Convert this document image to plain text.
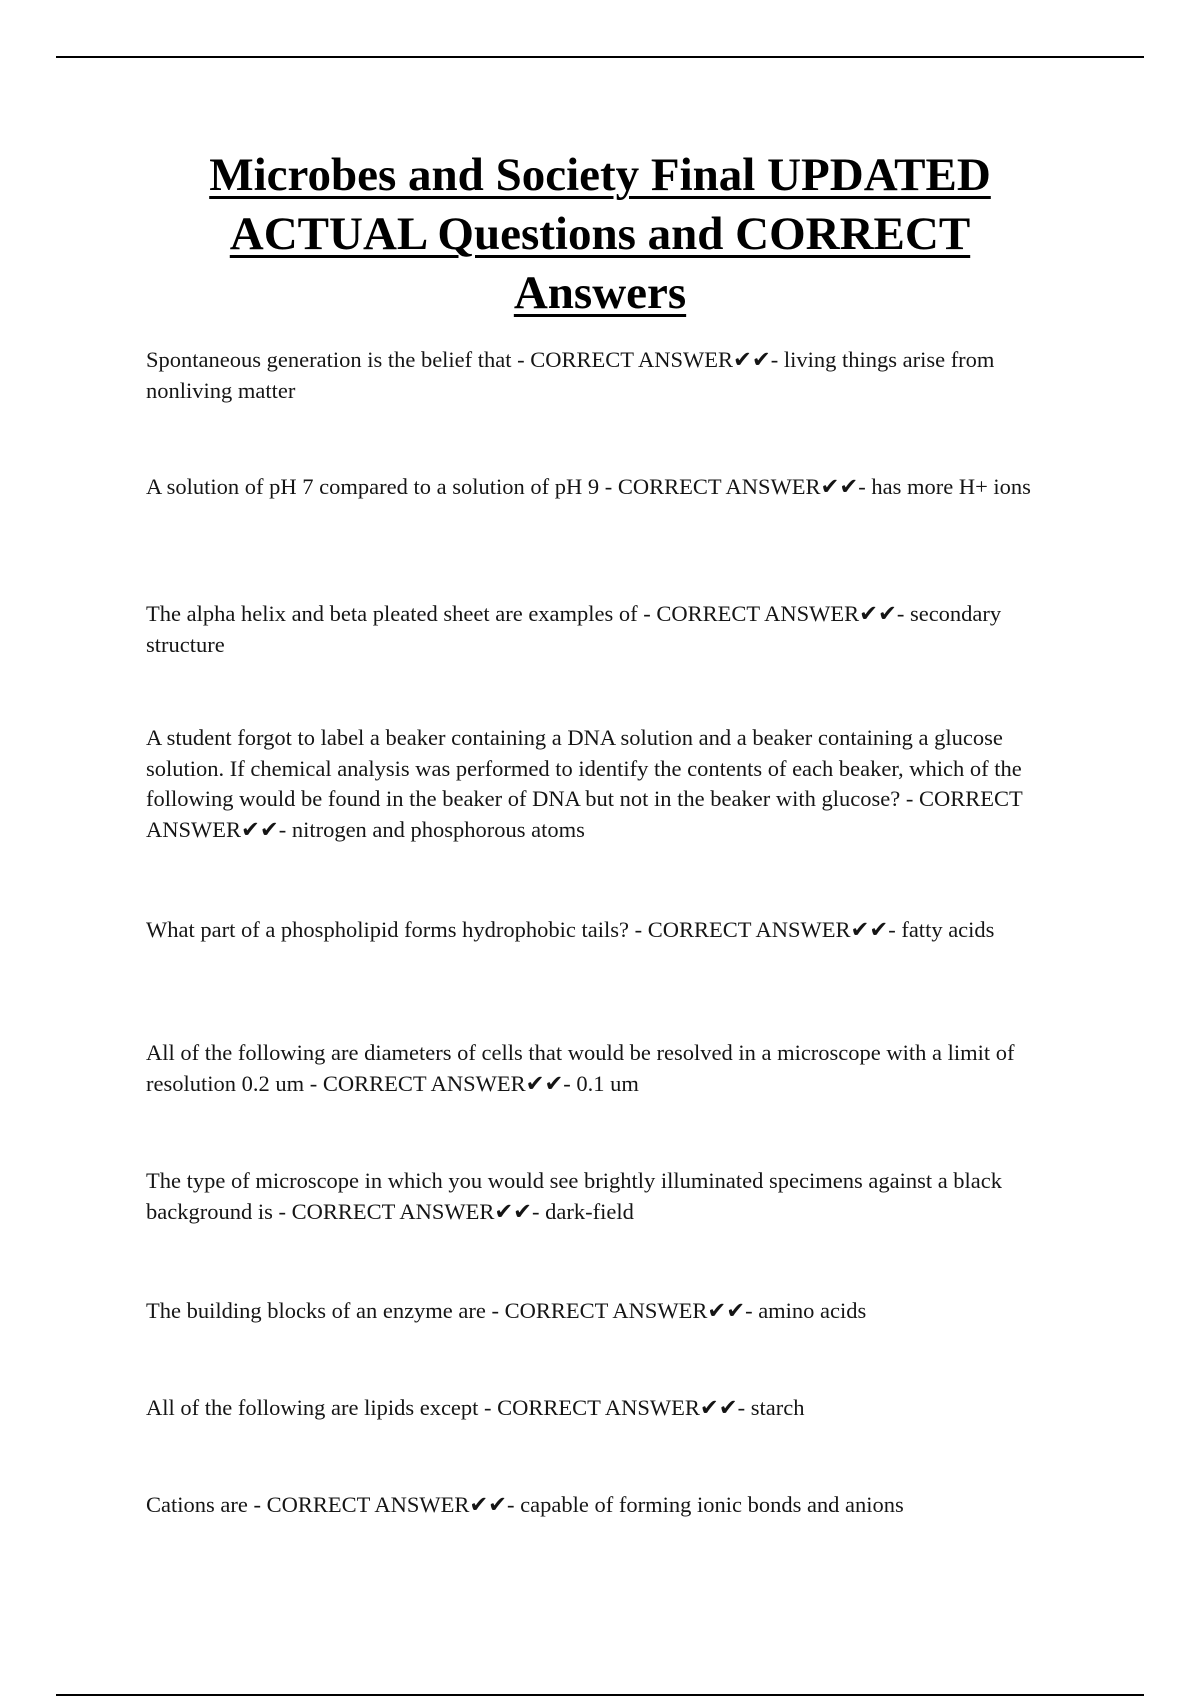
Microbes and Society Final UPDATED
ACTUAL Questions and CORRECT
Answers

Spontaneous generation is the belief that - CORRECT ANSWER✔✔- living things arise from nonliving matter

A solution of pH 7 compared to a solution of pH 9 - CORRECT ANSWER✔✔- has more H+ ions

The alpha helix and beta pleated sheet are examples of - CORRECT ANSWER✔✔- secondary structure

A student forgot to label a beaker containing a DNA solution and a beaker containing a glucose solution. If chemical analysis was performed to identify the contents of each beaker, which of the following would be found in the beaker of DNA but not in the beaker with glucose? - CORRECT ANSWER✔✔- nitrogen and phosphorous atoms

What part of a phospholipid forms hydrophobic tails? - CORRECT ANSWER✔✔- fatty acids

All of the following are diameters of cells that would be resolved in a microscope with a limit of resolution 0.2 um - CORRECT ANSWER✔✔- 0.1 um

The type of microscope in which you would see brightly illuminated specimens against a black background is - CORRECT ANSWER✔✔- dark-field

The building blocks of an enzyme are - CORRECT ANSWER✔✔- amino acids

All of the following are lipids except - CORRECT ANSWER✔✔- starch

Cations are - CORRECT ANSWER✔✔- capable of forming ionic bonds and anions
